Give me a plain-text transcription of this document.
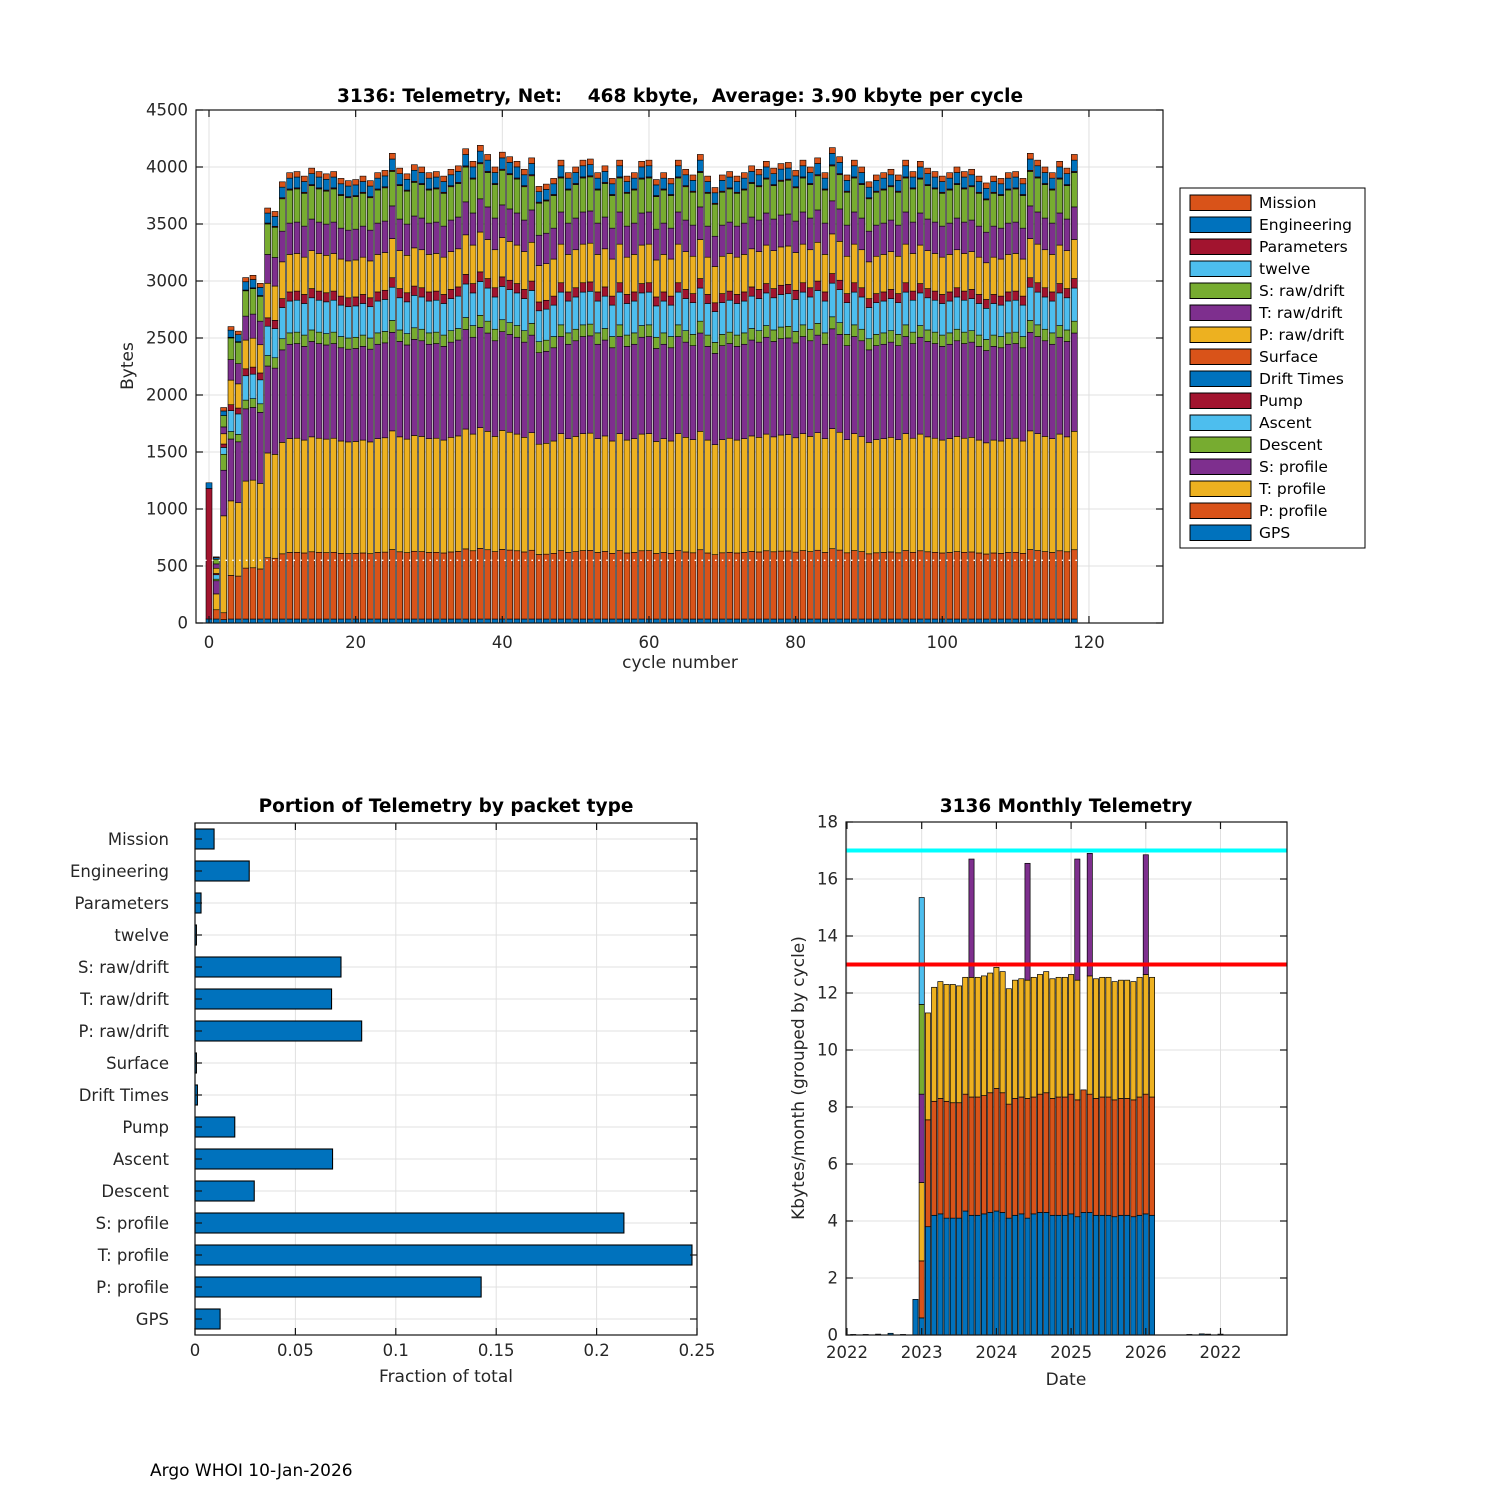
0	20	40	60	80	100	120
0
500
1000
1500
2000
2500
3000
3500
4000
4500
Mission
Engineering
Parameters
twelve
S: raw/drift
T: raw/drift
P: raw/drift
Surface
Drift Times
Pump
Ascent
Descent
S: profile
T: profile
P: profile
GPS
Mission
Engineering
Parameters
twelve
S: raw/drift
T: raw/drift
P: raw/drift
Surface
Drift Times
Pump
Ascent
Descent
S: profile
T: profile
P: profile
GPS
0	0.05	0.1	0.15	0.2	0.25
0
2
4
6
8
10
12
14
16
18
2022 2023 2024 2025 2026 2022
3136: Telemetry, Net:    468 kbyte,  Average: 3.90 kbyte per cycle
cycle number
Bytes
Portion of Telemetry by packet type
Fraction of total
3136 Monthly Telemetry
Date
Kbytes/month (grouped by cycle)
Argo WHOI 10-Jan-2026
